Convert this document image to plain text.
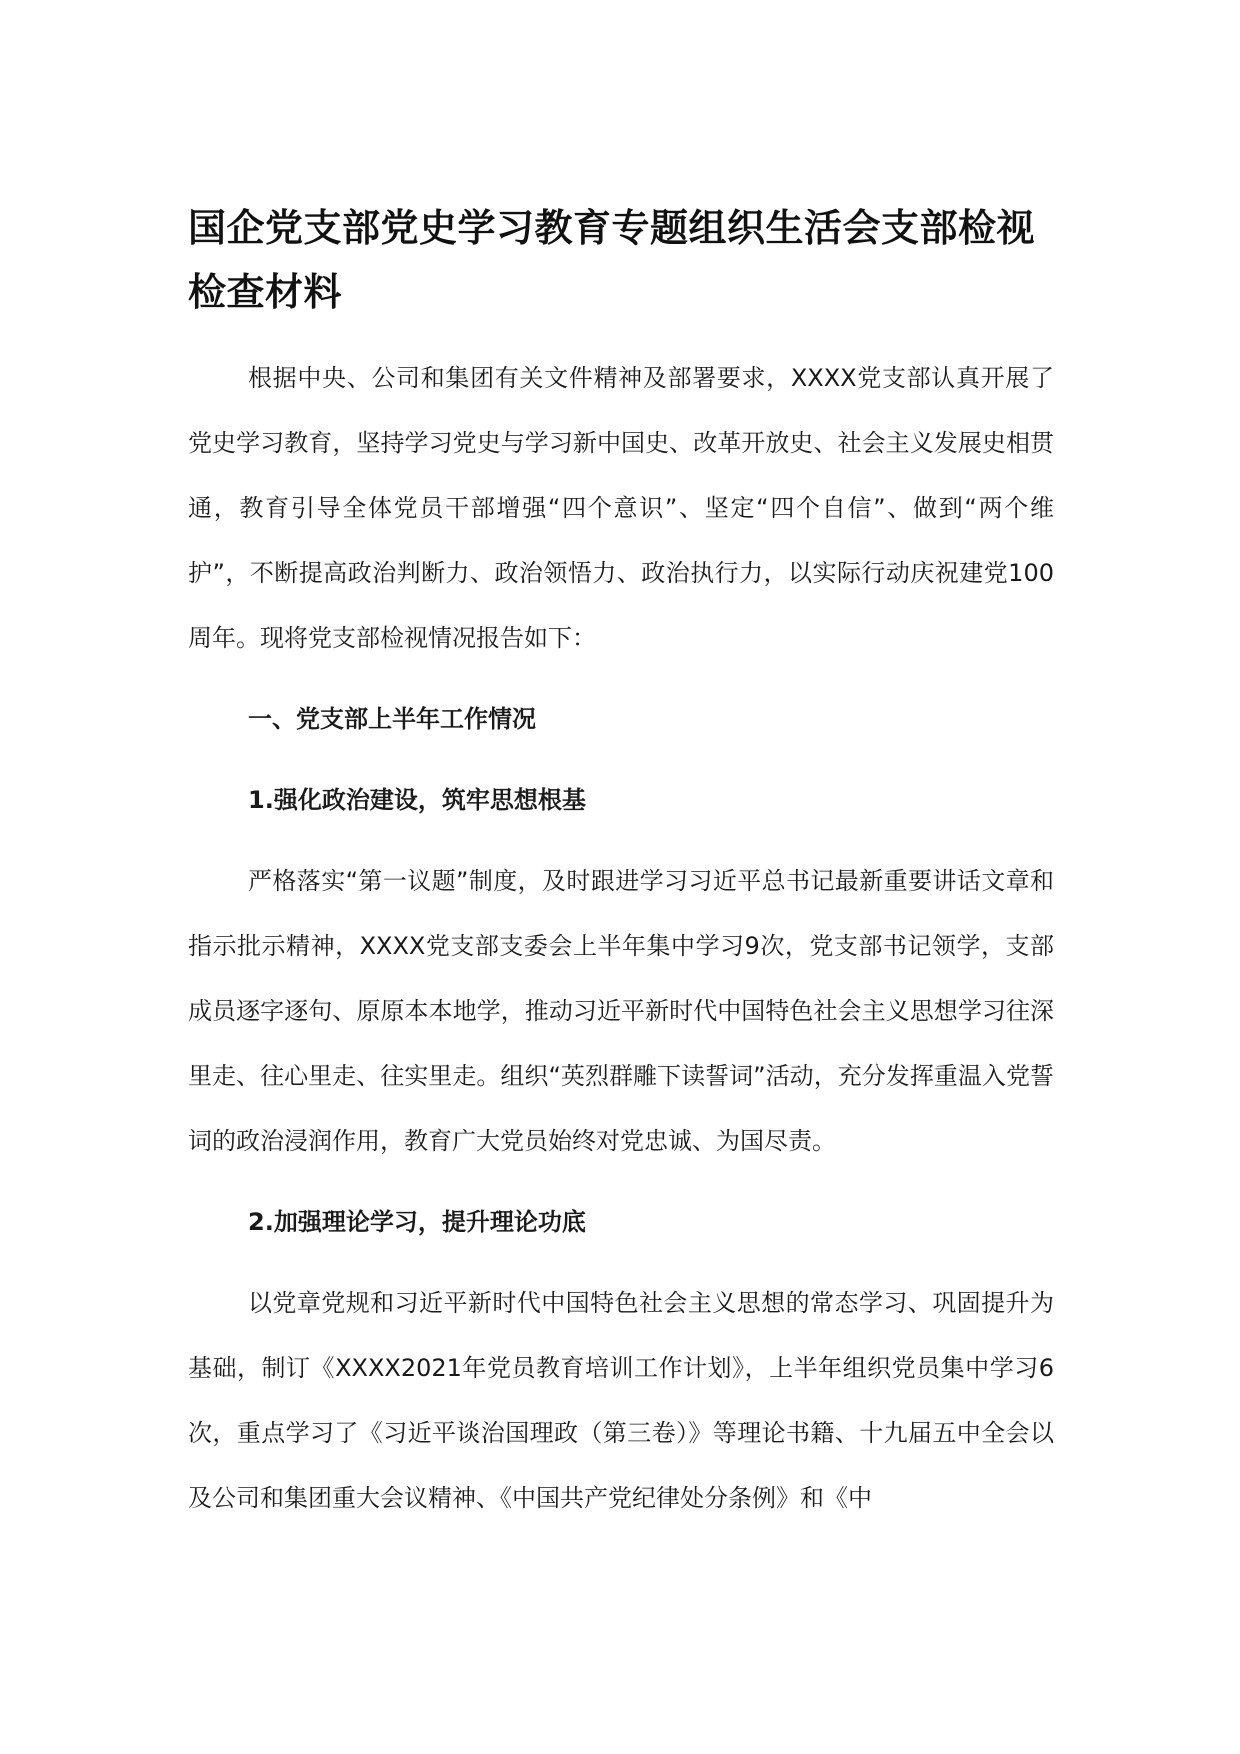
国企党支部党史学习教育专题组织生活会支部检视检查材料

根据中央、公司和集团有关文件精神及部署要求，XXXX党支部认真开展了党史学习教育，坚持学习党史与学习新中国史、改革开放史、社会主义发展史相贯通，教育引导全体党员干部增强“四个意识”、坚定“四个自信”、做到“两个维护”，不断提高政治判断力、政治领悟力、政治执行力，以实际行动庆祝建党100周年。现将党支部检视情况报告如下：

一、党支部上半年工作情况
1.强化政治建设，筑牢思想根基

严格落实“第一议题”制度，及时跟进学习习近平总书记最新重要讲话文章和指示批示精神，XXXX党支部支委会上半年集中学习9次，党支部书记领学，支部成员逐字逐句、原原本本地学，推动习近平新时代中国特色社会主义思想学习往深里走、往心里走、往实里走。组织“英烈群雕下读誓词”活动，充分发挥重温入党誓词的政治浸润作用，教育广大党员始终对党忠诚、为国尽责。

2.加强理论学习，提升理论功底

以党章党规和习近平新时代中国特色社会主义思想的常态学习、巩固提升为基础，制订《XXXX2021年党员教育培训工作计划》，上半年组织党员集中学习6次，重点学习了《习近平谈治国理政（第三卷）》等理论书籍、十九届五中全会以及公司和集团重大会议精神、《中国共产党纪律处分条例》和《中
